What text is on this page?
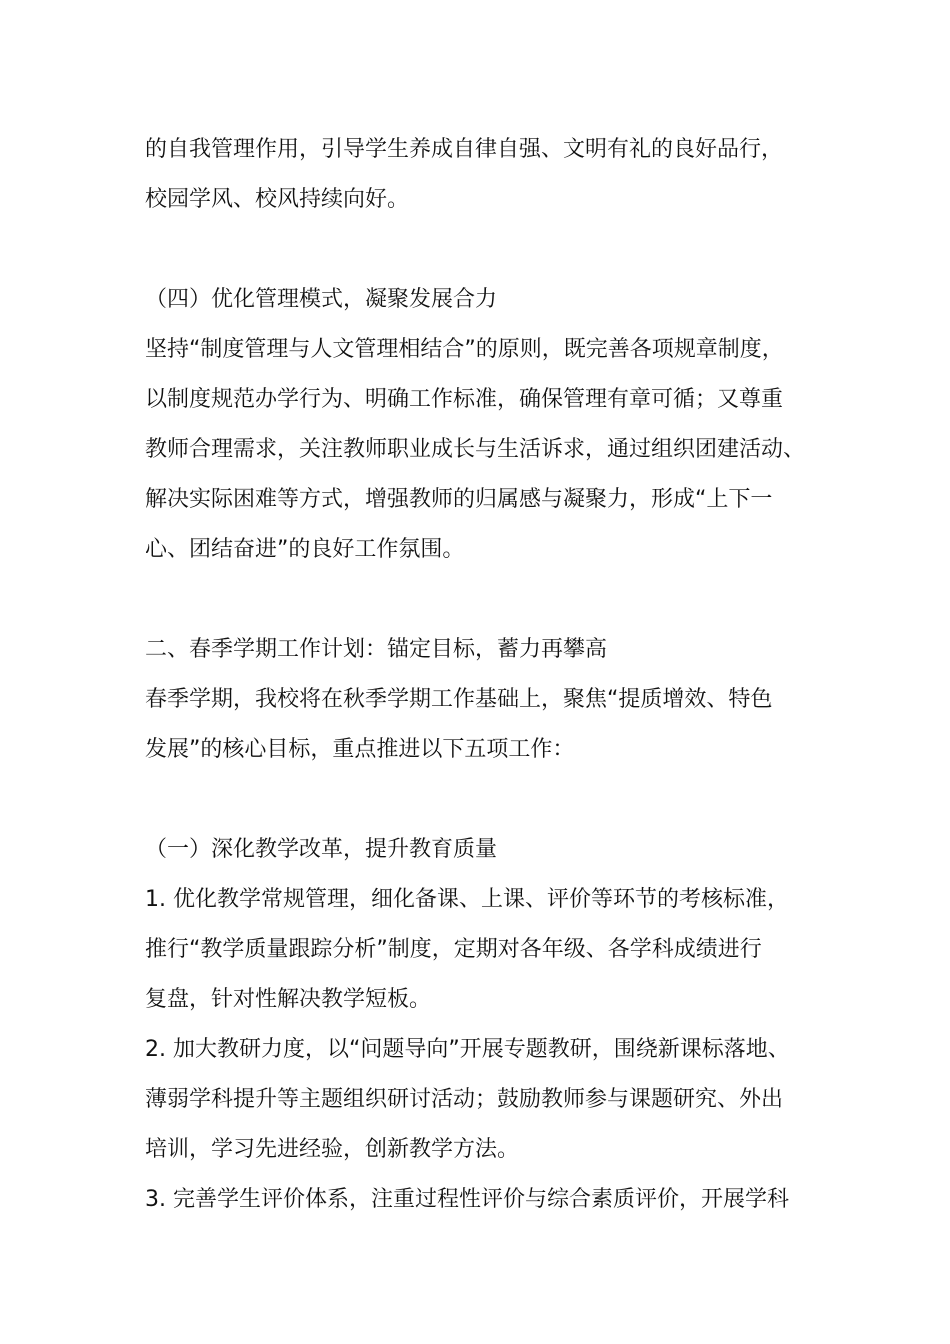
的自我管理作用，引导学生养成自律自强、文明有礼的良好品行，
校园学风、校风持续向好。
（四）优化管理模式，凝聚发展合力
坚持“制度管理与人文管理相结合”的原则，既完善各项规章制度，
以制度规范办学行为、明确工作标准，确保管理有章可循；又尊重
教师合理需求，关注教师职业成长与生活诉求，通过组织团建活动、
解决实际困难等方式，增强教师的归属感与凝聚力，形成“上下一
心、团结奋进”的良好工作氛围。
二、春季学期工作计划：锚定目标，蓄力再攀高
春季学期，我校将在秋季学期工作基础上，聚焦“提质增效、特色
发展”的核心目标，重点推进以下五项工作：
（一）深化教学改革，提升教育质量
1. 优化教学常规管理，细化备课、上课、评价等环节的考核标准，
推行“教学质量跟踪分析”制度，定期对各年级、各学科成绩进行
复盘，针对性解决教学短板。
2. 加大教研力度，以“问题导向”开展专题教研，围绕新课标落地、
薄弱学科提升等主题组织研讨活动；鼓励教师参与课题研究、外出
培训，学习先进经验，创新教学方法。
3. 完善学生评价体系，注重过程性评价与综合素质评价，开展学科
